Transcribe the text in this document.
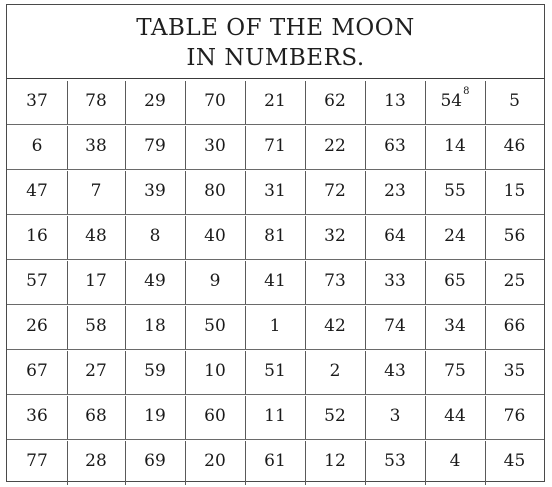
TABLE OF THE MOON
IN NUMBERS.
37	78	29	70	21	62	13	$54^8$	5
6	38	79	30	71	22	63	14	46
47	7	39	80	31	72	23	55	15
16	48	8	40	81	32	64	24	56
57	17	49	9	41	73	33	65	25
26	58	18	50	1	42	74	34	66
67	27	59	10	51	2	43	75	35
36	68	19	60	11	52	3	44	76
77	28	69	20	61	12	53	4	45
